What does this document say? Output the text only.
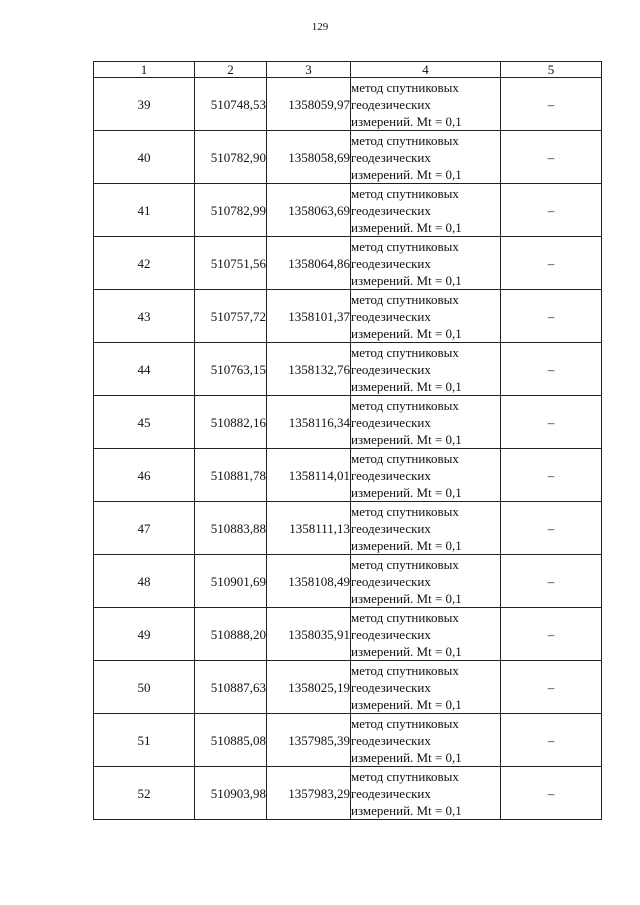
129
1	2	3	4	5
39	510748,53	1358059,97	метод спутниковых
геодезических
измерений. Mt = 0,1	–
40	510782,90	1358058,69	метод спутниковых
геодезических
измерений. Mt = 0,1	–
41	510782,99	1358063,69	метод спутниковых
геодезических
измерений. Mt = 0,1	–
42	510751,56	1358064,86	метод спутниковых
геодезических
измерений. Mt = 0,1	–
43	510757,72	1358101,37	метод спутниковых
геодезических
измерений. Mt = 0,1	–
44	510763,15	1358132,76	метод спутниковых
геодезических
измерений. Mt = 0,1	–
45	510882,16	1358116,34	метод спутниковых
геодезических
измерений. Mt = 0,1	–
46	510881,78	1358114,01	метод спутниковых
геодезических
измерений. Mt = 0,1	–
47	510883,88	1358111,13	метод спутниковых
геодезических
измерений. Mt = 0,1	–
48	510901,69	1358108,49	метод спутниковых
геодезических
измерений. Mt = 0,1	–
49	510888,20	1358035,91	метод спутниковых
геодезических
измерений. Mt = 0,1	–
50	510887,63	1358025,19	метод спутниковых
геодезических
измерений. Mt = 0,1	–
51	510885,08	1357985,39	метод спутниковых
геодезических
измерений. Mt = 0,1	–
52	510903,98	1357983,29	метод спутниковых
геодезических
измерений. Mt = 0,1	–
